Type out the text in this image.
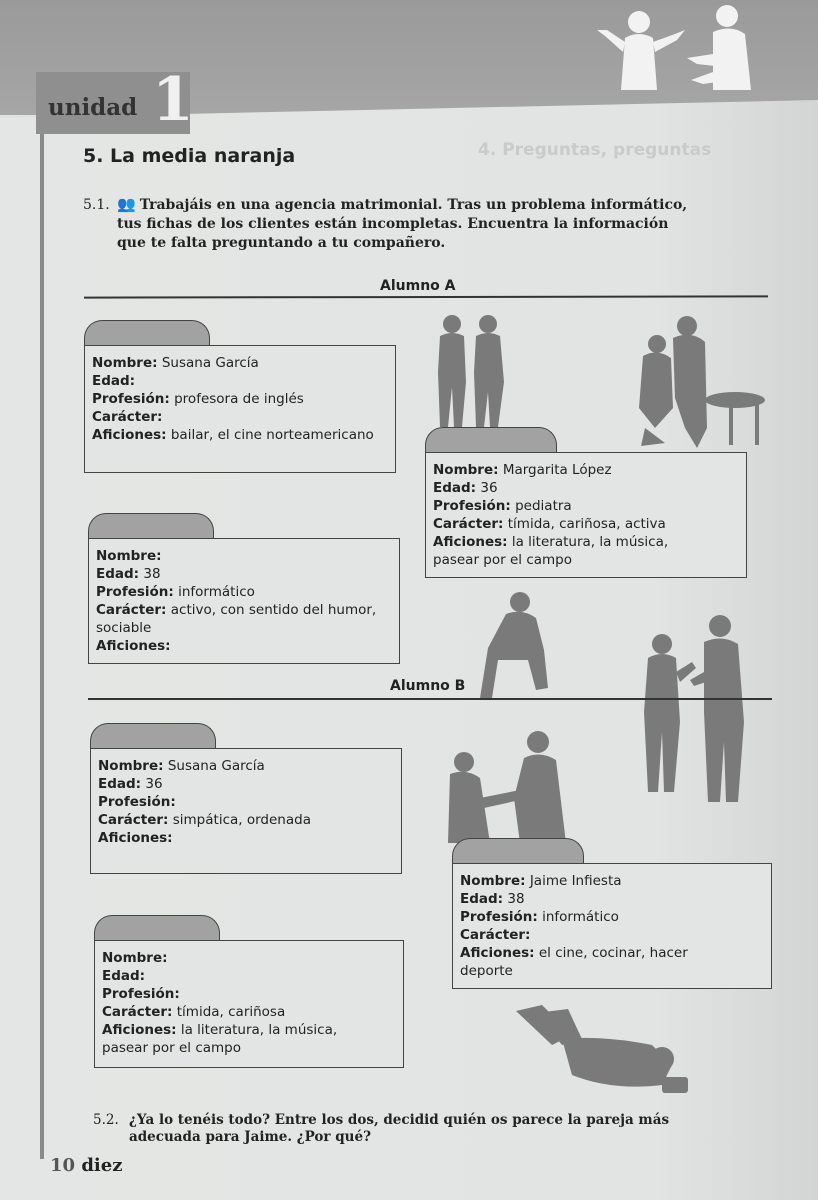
unidad 1
4. Preguntas, preguntas
5. La media naranja
5.1. 👥 Trabajáis en una agencia matrimonial. Tras un problema informático,
tus fichas de los clientes están incompletas. Encuentra la información
que te falta preguntando a tu compañero.
Alumno A
Nombre: Susana García
Edad:
Profesión: profesora de inglés
Carácter:
Aficiones: bailar, el cine norteamericano
Nombre: Margarita López
Edad: 36
Profesión: pediatra
Carácter: tímida, cariñosa, activa
Aficiones: la literatura, la música,
pasear por el campo
Nombre:
Edad: 38
Profesión: informático
Carácter: activo, con sentido del humor,
sociable
Aficiones:
Alumno B
Nombre: Susana García
Edad: 36
Profesión:
Carácter: simpática, ordenada
Aficiones:
Nombre: Jaime Infiesta
Edad: 38
Profesión: informático
Carácter:
Aficiones: el cine, cocinar, hacer
deporte
Nombre:
Edad:
Profesión:
Carácter: tímida, cariñosa
Aficiones: la literatura, la música,
pasear por el campo
5.2. ¿Ya lo tenéis todo? Entre los dos, decidid quién os parece la pareja más
adecuada para Jaime. ¿Por qué?
10 diez
